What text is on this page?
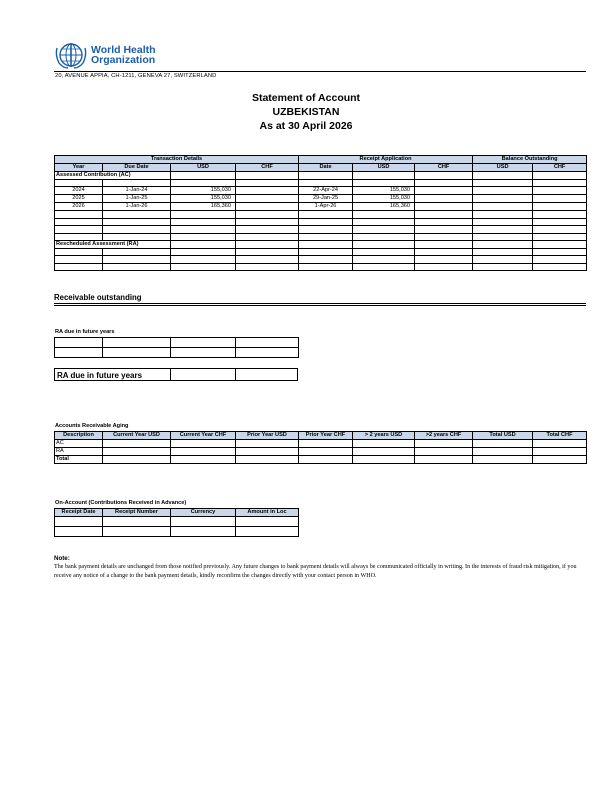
World Health
Organization
20, AVENUE APPIA, CH-1211, GENEVA 27, SWITZERLAND
Statement of Account
UZBEKISTAN
As at 30 April 2026
Transaction Details				Receipt Application			Balance Outstanding	
Year	Due Date	USD	CHF	Date	USD	CHF	USD	CHF
Assessed Contribution (AC)								

2024	1-Jan-24	155,030		22-Apr-24	155,030			
2025	1-Jan-25	155,030		29-Jan-25	155,030			
2026	1-Jan-26	165,360		1-Apr-26	165,360			

Rescheduled Assessment (RA)								

Receivable outstanding
RA due in future years

RA due in future years
Accounts Receivable Aging
Description	Current Year USD	Current Year CHF	Prior Year USD	Prior Year CHF	> 2 years USD	>2 years CHF	Total USD	Total CHF
AC								
RA								
Total								
On-Account (Contributions Received in Advance)
Receipt Date	Receipt Number	Currency	Amount in Loc

Note:
The bank payment details are unchanged from those notified previously. Any future changes to bank payment details will always be communicated officially in writing. In the interests of fraud risk mitigation, if you receive any notice of a change to the bank payment details, kindly reconfirm the changes directly with your contact person in WHO.
